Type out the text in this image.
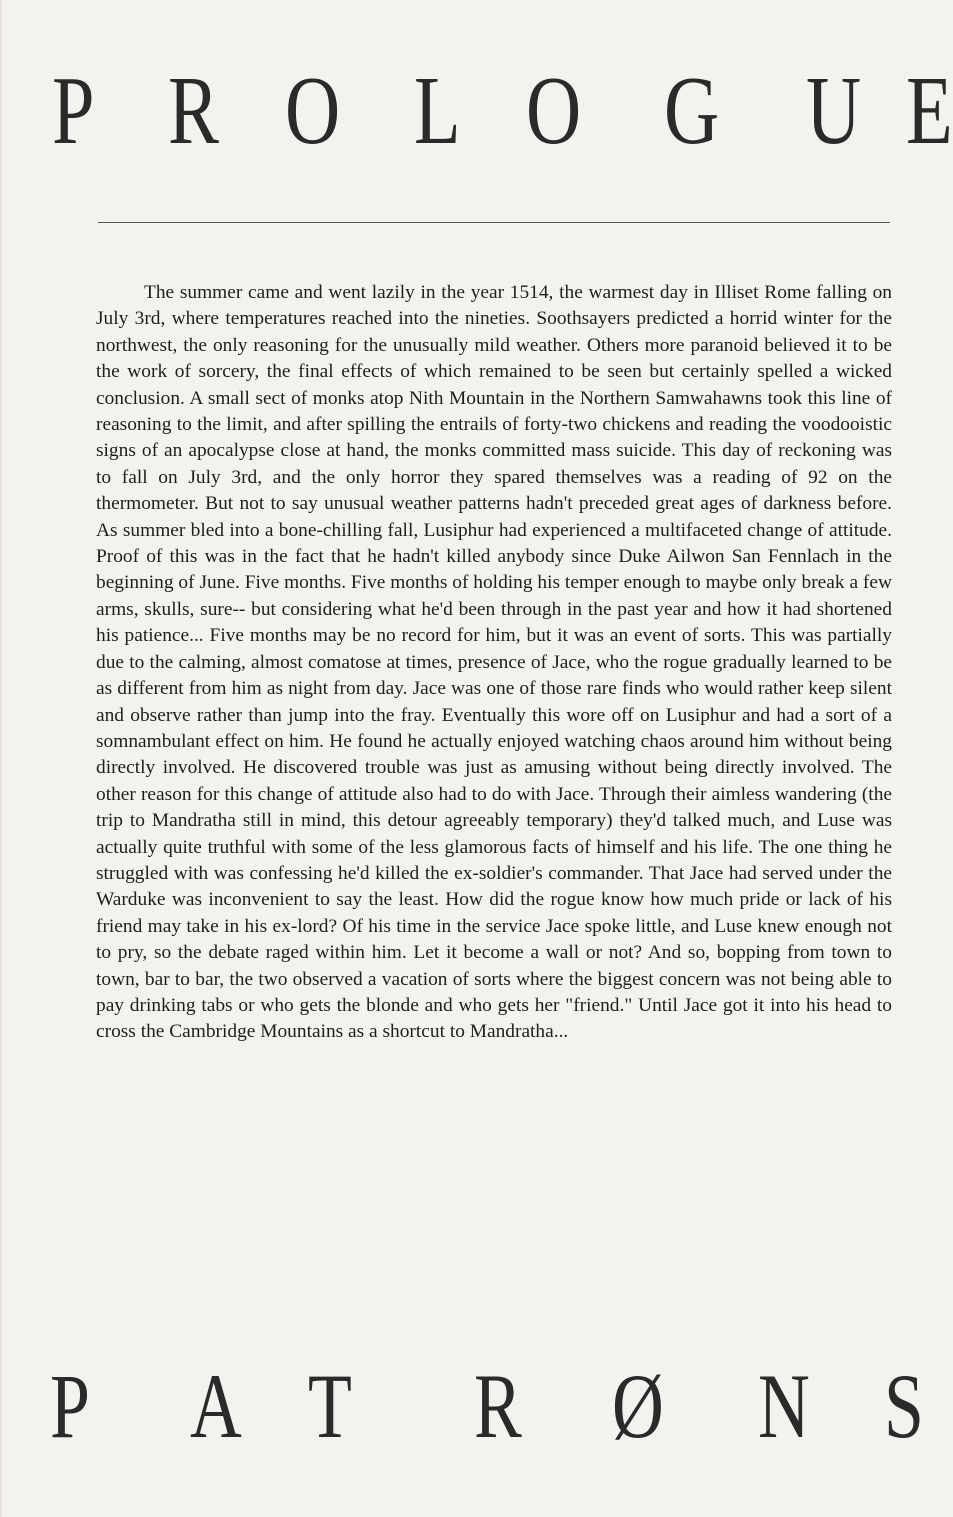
P R O L O G U E

The summer came and went lazily in the year 1514, the warmest day in Illiset Rome falling on July 3rd, where temperatures reached into the nineties. Soothsayers predicted a horrid winter for the northwest, the only reasoning for the unusually mild weather. Others more paranoid believed it to be the work of sorcery, the final effects of which remained to be seen but certainly spelled a wicked conclusion. A small sect of monks atop Nith Mountain in the Northern Samwahawns took this line of reasoning to the limit, and after spilling the entrails of forty-two chickens and reading the voodooistic signs of an apocalypse close at hand, the monks committed mass suicide. This day of reckoning was to fall on July 3rd, and the only horror they spared themselves was a reading of 92 on the thermometer. But not to say unusual weather patterns hadn't preceded great ages of darkness before. As summer bled into a bone-chilling fall, Lusiphur had experienced a multifaceted change of attitude. Proof of this was in the fact that he hadn't killed anybody since Duke Ailwon San Fennlach in the beginning of June. Five months. Five months of holding his temper enough to maybe only break a few arms, skulls, sure-- but considering what he'd been through in the past year and how it had shortened his patience... Five months may be no record for him, but it was an event of sorts. This was partially due to the calming, almost comatose at times, presence of Jace, who the rogue gradually learned to be as different from him as night from day. Jace was one of those rare finds who would rather keep silent and observe rather than jump into the fray. Eventually this wore off on Lusiphur and had a sort of a somnambulant effect on him. He found he actually enjoyed watching chaos around him without being directly involved. He discovered trouble was just as amusing without being directly involved. The other reason for this change of attitude also had to do with Jace. Through their aimless wandering (the trip to Mandratha still in mind, this detour agreeably temporary) they'd talked much, and Luse was actually quite truthful with some of the less glamorous facts of himself and his life. The one thing he struggled with was confessing he'd killed the ex-soldier's commander. That Jace had served under the Warduke was inconvenient to say the least. How did the rogue know how much pride or lack of his friend may take in his ex-lord? Of his time in the service Jace spoke little, and Luse knew enough not to pry, so the debate raged within him. Let it become a wall or not? And so, bopping from town to town, bar to bar, the two observed a vacation of sorts where the biggest concern was not being able to pay drinking tabs or who gets the blonde and who gets her "friend." Until Jace got it into his head to cross the Cambridge Mountains as a shortcut to Mandratha...

P A T R Ø N S
